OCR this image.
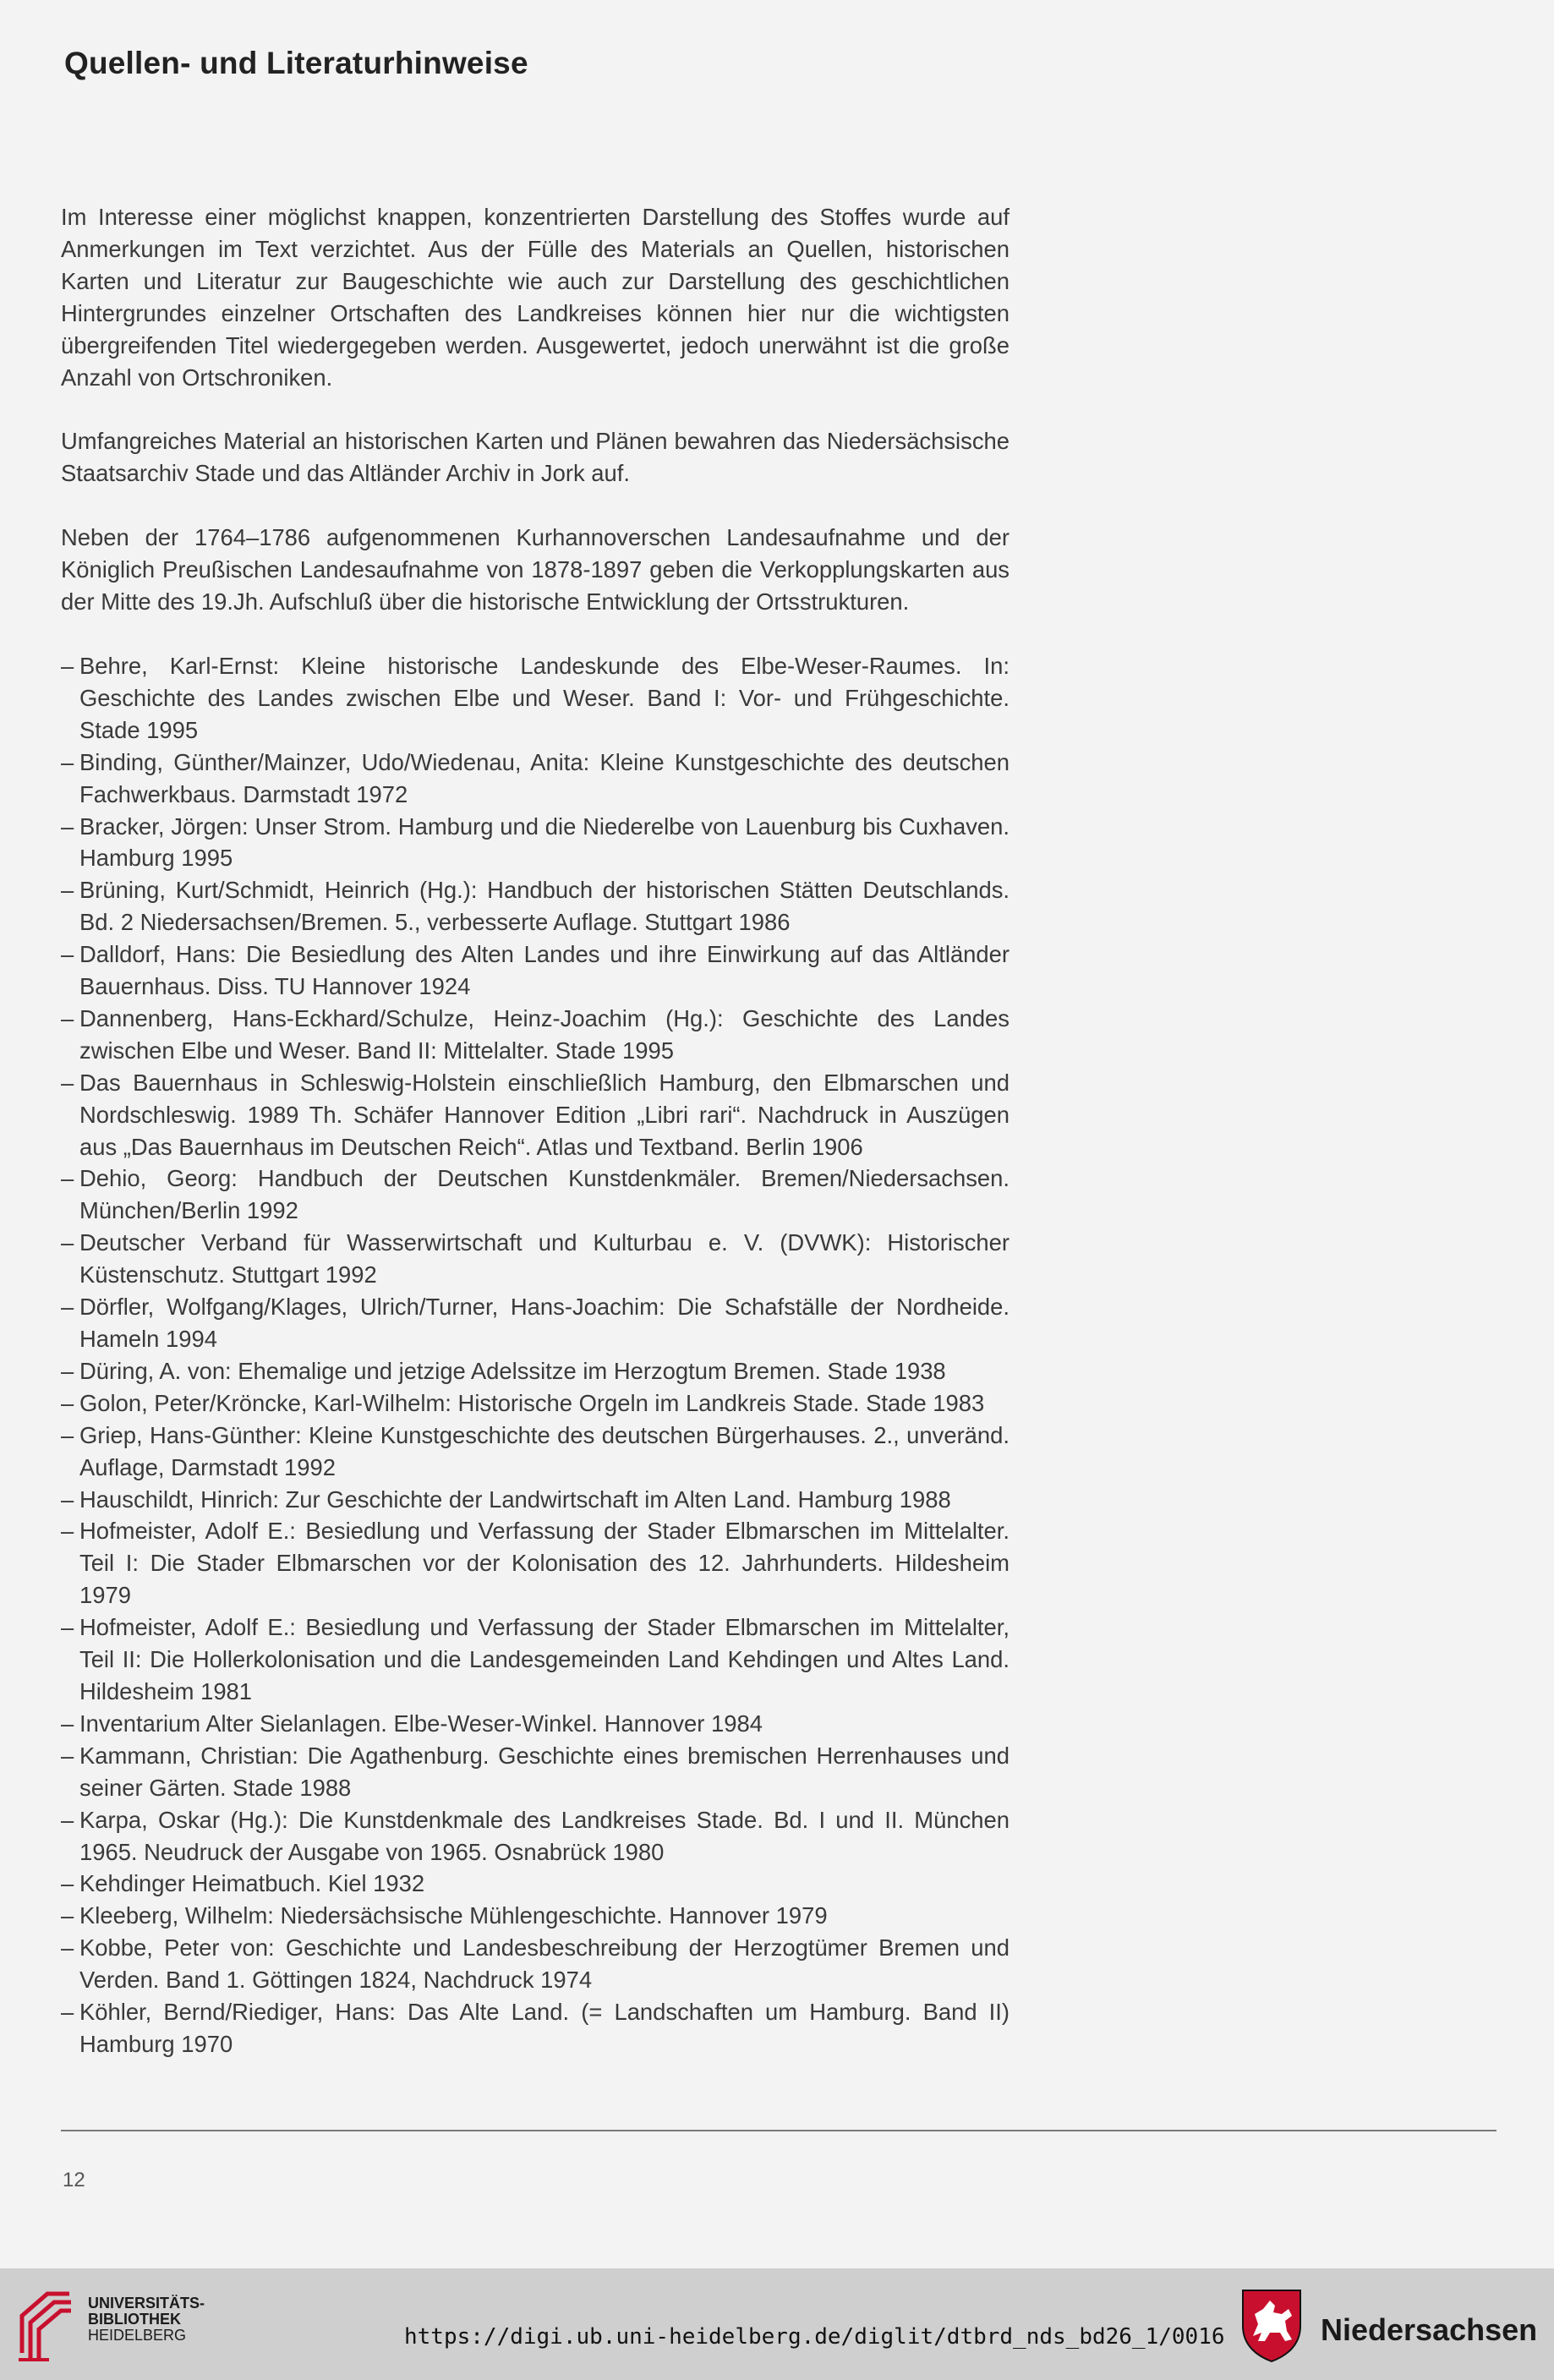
Quellen- und Literaturhinweise

Im Interesse einer möglichst knappen, konzentrierten Darstellung des Stoffes wurde auf Anmerkungen im Text verzichtet. Aus der Fülle des Materials an Quellen, historischen Karten und Literatur zur Baugeschichte wie auch zur Darstellung des geschichtlichen Hintergrundes einzelner Ortschaften des Landkreises können hier nur die wichtigsten übergreifenden Titel wiedergegeben werden. Ausgewertet, jedoch unerwähnt ist die große Anzahl von Ortschroniken.

Umfangreiches Material an historischen Karten und Plänen bewahren das Niedersächsische Staatsarchiv Stade und das Altländer Archiv in Jork auf.

Neben der 1764–1786 aufgenommenen Kurhannoverschen Landesaufnahme und der Königlich Preußischen Landesaufnahme von 1878-1897 geben die Verkopplungskarten aus der Mitte des 19.Jh. Aufschluß über die historische Entwicklung der Ortsstrukturen.

– Behre, Karl-Ernst: Kleine historische Landeskunde des Elbe-Weser-Raumes. In: Geschichte des Landes zwischen Elbe und Weser. Band I: Vor- und Frühgeschichte. Stade 1995
– Binding, Günther/Mainzer, Udo/Wiedenau, Anita: Kleine Kunstgeschichte des deutschen Fachwerkbaus. Darmstadt 1972
– Bracker, Jörgen: Unser Strom. Hamburg und die Niederelbe von Lauenburg bis Cuxhaven. Hamburg 1995
– Brüning, Kurt/Schmidt, Heinrich (Hg.): Handbuch der historischen Stätten Deutschlands. Bd. 2 Niedersachsen/Bremen. 5., verbesserte Auflage. Stuttgart 1986
– Dalldorf, Hans: Die Besiedlung des Alten Landes und ihre Einwirkung auf das Altländer Bauernhaus. Diss. TU Hannover 1924
– Dannenberg, Hans-Eckhard/Schulze, Heinz-Joachim (Hg.): Geschichte des Landes zwischen Elbe und Weser. Band II: Mittelalter. Stade 1995
– Das Bauernhaus in Schleswig-Holstein einschließlich Hamburg, den Elbmarschen und Nordschleswig. 1989 Th. Schäfer Hannover Edition „Libri rari“. Nachdruck in Auszügen aus „Das Bauernhaus im Deutschen Reich“. Atlas und Textband. Berlin 1906
– Dehio, Georg: Handbuch der Deutschen Kunstdenkmäler. Bremen/Niedersachsen. München/Berlin 1992
– Deutscher Verband für Wasserwirtschaft und Kulturbau e. V. (DVWK): Historischer Küstenschutz. Stuttgart 1992
– Dörfler, Wolfgang/Klages, Ulrich/Turner, Hans-Joachim: Die Schafställe der Nordheide. Hameln 1994
– Düring, A. von: Ehemalige und jetzige Adelssitze im Herzogtum Bremen. Stade 1938
– Golon, Peter/Kröncke, Karl-Wilhelm: Historische Orgeln im Landkreis Stade. Stade 1983
– Griep, Hans-Günther: Kleine Kunstgeschichte des deutschen Bürgerhauses. 2., unveränd. Auflage, Darmstadt 1992
– Hauschildt, Hinrich: Zur Geschichte der Landwirtschaft im Alten Land. Hamburg 1988
– Hofmeister, Adolf E.: Besiedlung und Verfassung der Stader Elbmarschen im Mittelalter. Teil I: Die Stader Elbmarschen vor der Kolonisation des 12. Jahrhunderts. Hildesheim 1979
– Hofmeister, Adolf E.: Besiedlung und Verfassung der Stader Elbmarschen im Mittelalter, Teil II: Die Hollerkolonisation und die Landesgemeinden Land Kehdingen und Altes Land. Hildesheim 1981
– Inventarium Alter Sielanlagen. Elbe-Weser-Winkel. Hannover 1984
– Kammann, Christian: Die Agathenburg. Geschichte eines bremischen Herrenhauses und seiner Gärten. Stade 1988
– Karpa, Oskar (Hg.): Die Kunstdenkmale des Landkreises Stade. Bd. I und II. München 1965. Neudruck der Ausgabe von 1965. Osnabrück 1980
– Kehdinger Heimatbuch. Kiel 1932
– Kleeberg, Wilhelm: Niedersächsische Mühlengeschichte. Hannover 1979
– Kobbe, Peter von: Geschichte und Landesbeschreibung der Herzogtümer Bremen und Verden. Band 1. Göttingen 1824, Nachdruck 1974
– Köhler, Bernd/Riediger, Hans: Das Alte Land. (= Landschaften um Hamburg. Band II) Hamburg 1970
12
UNIVERSITÄTS-
BIBLIOTHEK
HEIDELBERG	https://digi.ub.uni-heidelberg.de/diglit/dtbrd_nds_bd26_1/0016	Niedersachsen
